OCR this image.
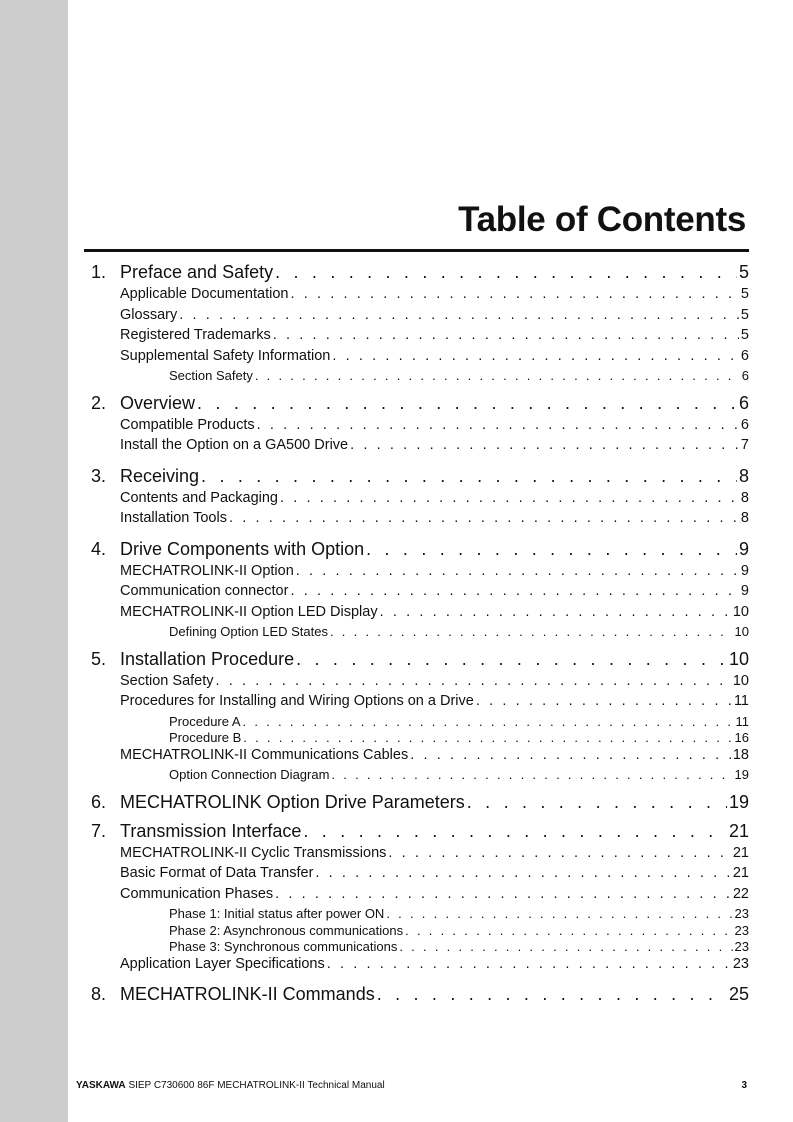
Table of Contents
1. Preface and Safety . . .	5
Applicable Documentation . . .	5
Glossary . . .	5
Registered Trademarks . . .	5
Supplemental Safety Information . . .	6
Section Safety . . .	6
2. Overview . . .	6
Compatible Products . . .	6
Install the Option on a GA500 Drive . . .	7
3. Receiving . . .	8
Contents and Packaging . . .	8
Installation Tools . . .	8
4. Drive Components with Option . . .	9
MECHATROLINK-II Option . . .	9
Communication connector . . .	9
MECHATROLINK-II Option LED Display . . .	10
Defining Option LED States . . .	10
5. Installation Procedure . . .	10
Section Safety . . .	10
Procedures for Installing and Wiring Options on a Drive . . .	11
Procedure A . . .	11
Procedure B . . .	16
MECHATROLINK-II Communications Cables . . .	18
Option Connection Diagram . . .	19
6. MECHATROLINK Option Drive Parameters . . .	19
7. Transmission Interface . . .	21
MECHATROLINK-II Cyclic Transmissions . . .	21
Basic Format of Data Transfer . . .	21
Communication Phases . . .	22
Phase 1: Initial status after power ON . . .	23
Phase 2: Asynchronous communications . . .	23
Phase 3: Synchronous communications . . .	23
Application Layer Specifications . . .	23
8. MECHATROLINK-II Commands . . .	25
YASKAWA SIEP C730600 86F MECHATROLINK-II Technical Manual	3
